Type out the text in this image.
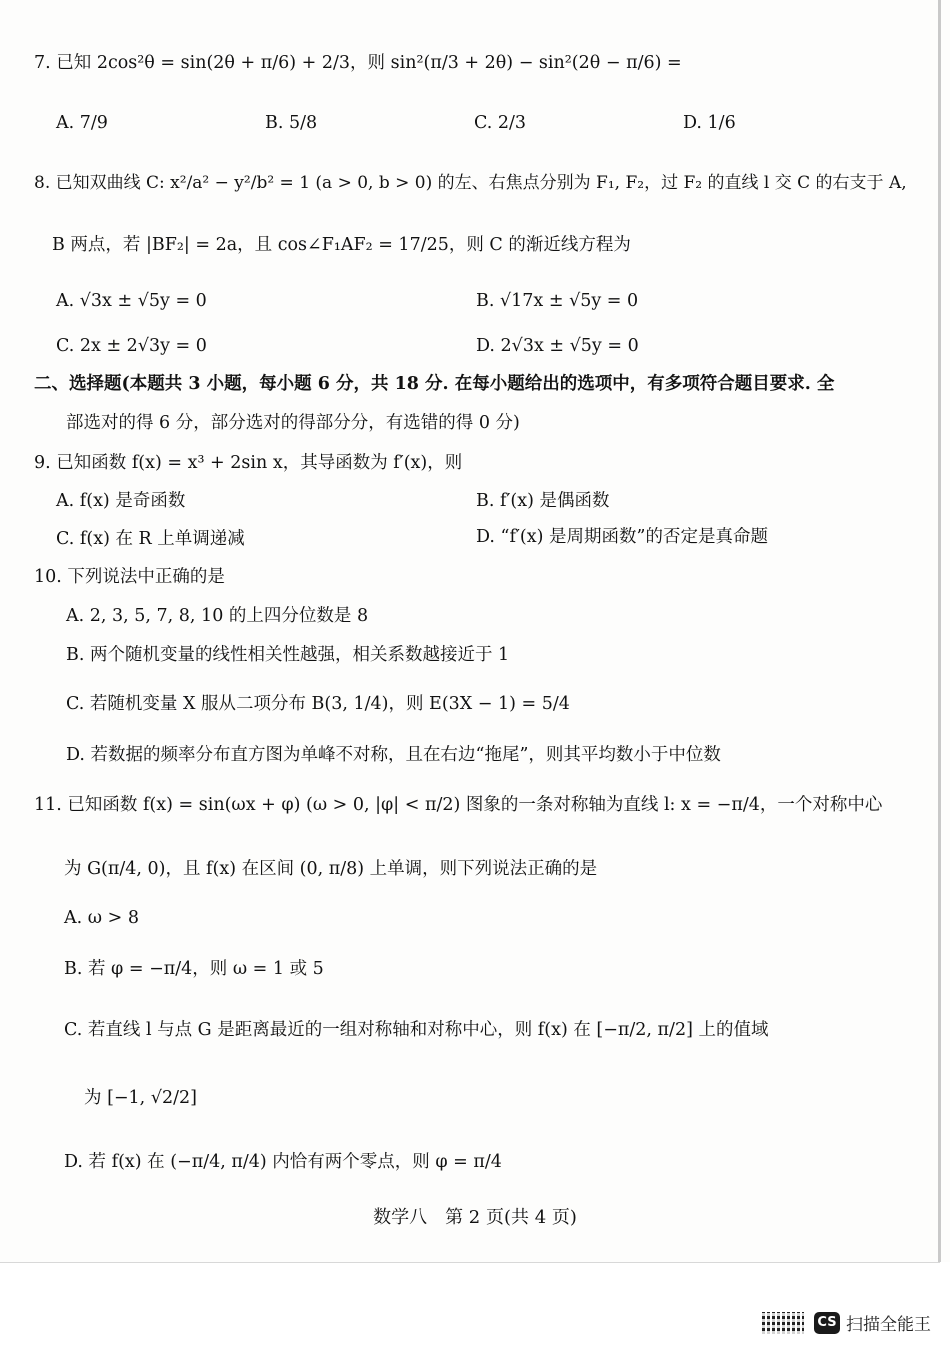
7. 已知 2cos²θ = sin(2θ + π/6) + 2/3，则 sin²(π/3 + 2θ) − sin²(2θ − π/6) =
A. 7/9	B. 5/8	C. 2/3	D. 1/6
8. 已知双曲线 C: x²/a² − y²/b² = 1 (a > 0, b > 0) 的左、右焦点分别为 F₁, F₂，过 F₂ 的直线 l 交 C 的右支于 A,
B 两点，若 |BF₂| = 2a，且 cos∠F₁AF₂ = 17/25，则 C 的渐近线方程为
A. √3x ± √5y = 0	B. √17x ± √5y = 0
C. 2x ± 2√3y = 0	D. 2√3x ± √5y = 0
二、选择题(本题共 3 小题，每小题 6 分，共 18 分. 在每小题给出的选项中，有多项符合题目要求. 全
部选对的得 6 分，部分选对的得部分分，有选错的得 0 分)
9. 已知函数 f(x) = x³ + 2sin x，其导函数为 f′(x)，则
A. f(x) 是奇函数	B. f′(x) 是偶函数
C. f(x) 在 R 上单调递减	D. “f′(x) 是周期函数”的否定是真命题
10. 下列说法中正确的是
A. 2, 3, 5, 7, 8, 10 的上四分位数是 8
B. 两个随机变量的线性相关性越强，相关系数越接近于 1
C. 若随机变量 X 服从二项分布 B(3, 1/4)，则 E(3X − 1) = 5/4
D. 若数据的频率分布直方图为单峰不对称，且在右边“拖尾”，则其平均数小于中位数
11. 已知函数 f(x) = sin(ωx + φ) (ω > 0, |φ| < π/2) 图象的一条对称轴为直线 l: x = −π/4，一个对称中心
为 G(π/4, 0)，且 f(x) 在区间 (0, π/8) 上单调，则下列说法正确的是
A. ω > 8
B. 若 φ = −π/4，则 ω = 1 或 5
C. 若直线 l 与点 G 是距离最近的一组对称轴和对称中心，则 f(x) 在 [−π/2, π/2] 上的值域
为 [−1, √2/2]
D. 若 f(x) 在 (−π/4, π/4) 内恰有两个零点，则 φ = π/4
数学八　第 2 页(共 4 页)
CS 扫描全能王
